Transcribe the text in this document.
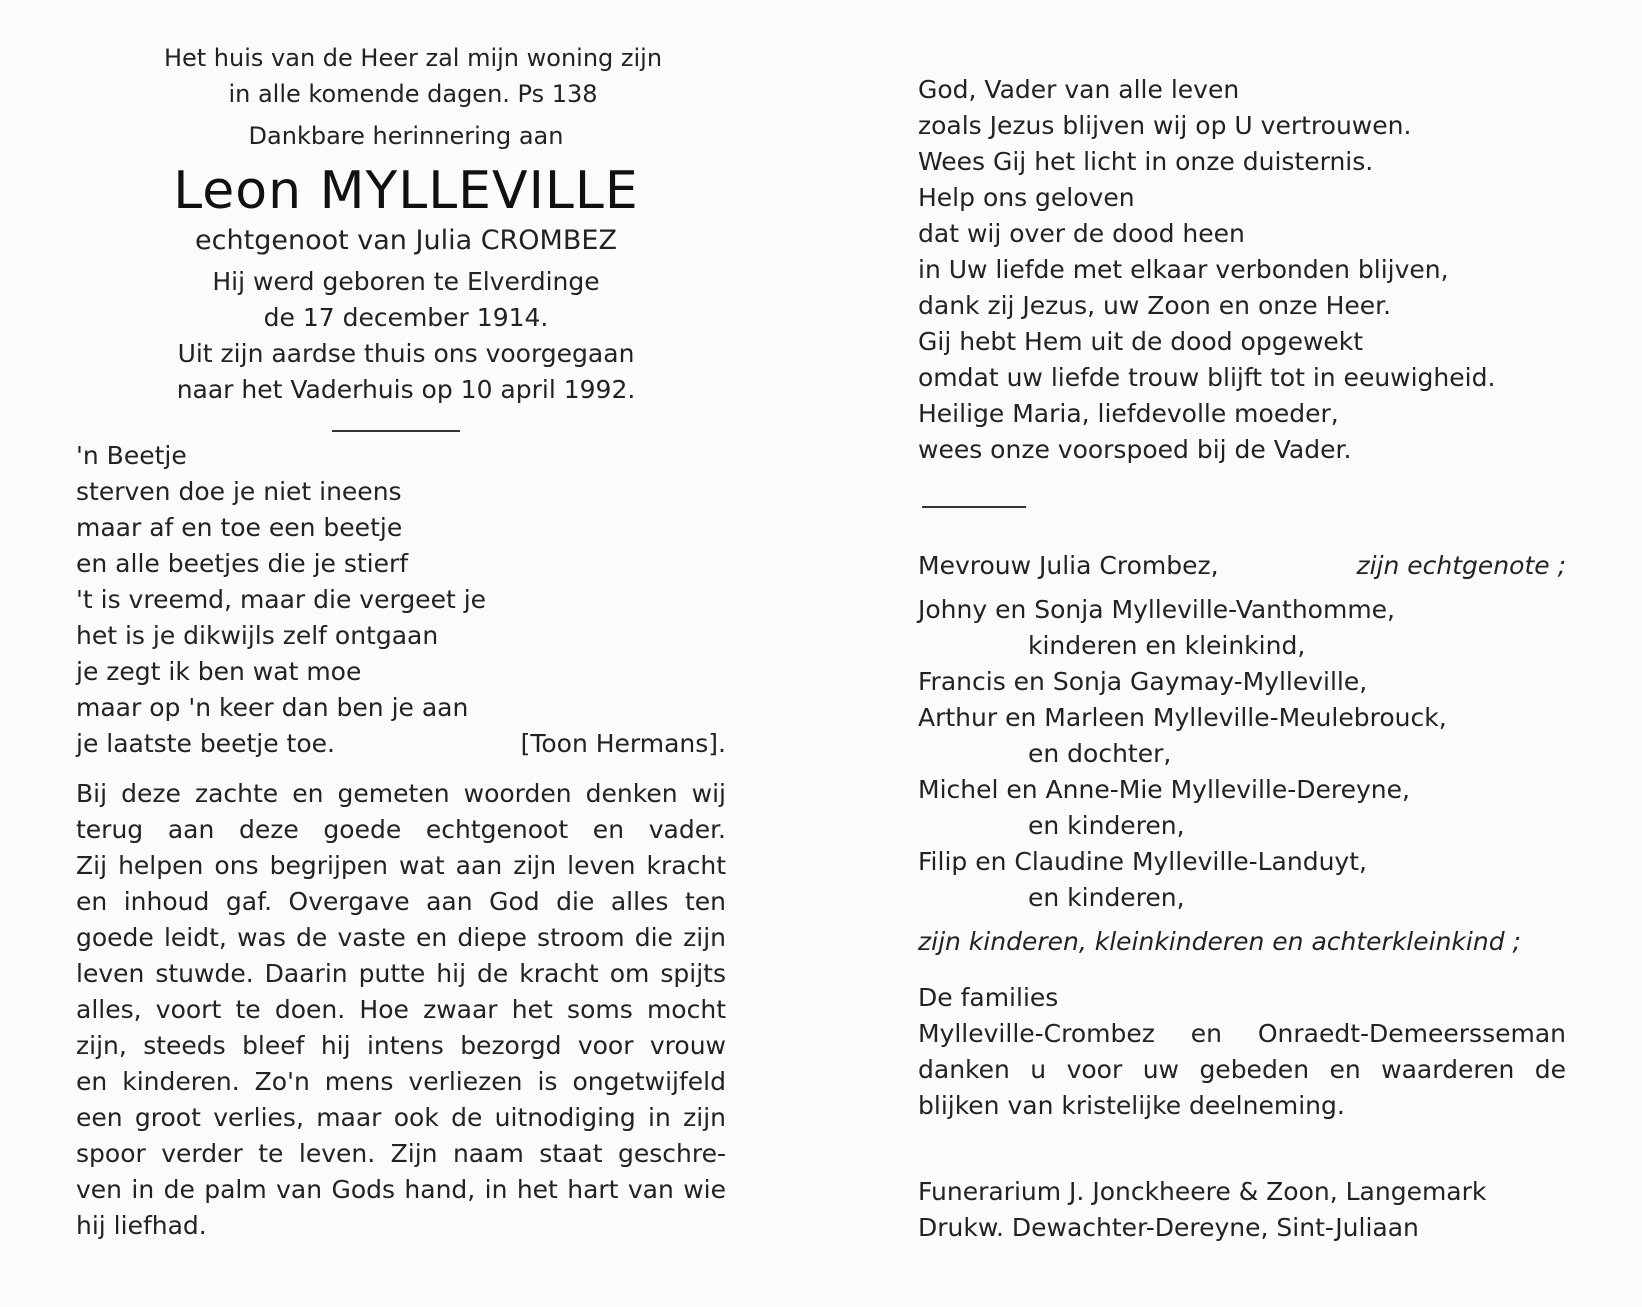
Het huis van de Heer zal mijn woning zijn
in alle komende dagen. Ps 138
Dankbare herinnering aan
Leon MYLLEVILLE
echtgenoot van Julia CROMBEZ
Hij werd geboren te Elverdinge
de 17 december 1914.
Uit zijn aardse thuis ons voorgegaan
naar het Vaderhuis op 10 april 1992.
'n Beetje
sterven doe je niet ineens
maar af en toe een beetje
en alle beetjes die je stierf
't is vreemd, maar die vergeet je
het is je dikwijls zelf ontgaan
je zegt ik ben wat moe
maar op 'n keer dan ben je aan
je laatste beetje toe.	[Toon Hermans].
Bij deze zachte en gemeten woorden denken wij
terug aan deze goede echtgenoot en vader.
Zij helpen ons begrijpen wat aan zijn leven kracht
en inhoud gaf. Overgave aan God die alles ten
goede leidt, was de vaste en diepe stroom die zijn
leven stuwde. Daarin putte hij de kracht om spijts
alles, voort te doen. Hoe zwaar het soms mocht
zijn, steeds bleef hij intens bezorgd voor vrouw
en kinderen. Zo'n mens verliezen is ongetwijfeld
een groot verlies, maar ook de uitnodiging in zijn
spoor verder te leven. Zijn naam staat geschre-
ven in de palm van Gods hand, in het hart van wie
hij liefhad.
God, Vader van alle leven
zoals Jezus blijven wij op U vertrouwen.
Wees Gij het licht in onze duisternis.
Help ons geloven
dat wij over de dood heen
in Uw liefde met elkaar verbonden blijven,
dank zij Jezus, uw Zoon en onze Heer.
Gij hebt Hem uit de dood opgewekt
omdat uw liefde trouw blijft tot in eeuwigheid.
Heilige Maria, liefdevolle moeder,
wees onze voorspoed bij de Vader.
Mevrouw Julia Crombez,	zijn echtgenote ;
Johny en Sonja Mylleville-Vanthomme,
kinderen en kleinkind,
Francis en Sonja Gaymay-Mylleville,
Arthur en Marleen Mylleville-Meulebrouck,
en dochter,
Michel en Anne-Mie Mylleville-Dereyne,
en kinderen,
Filip en Claudine Mylleville-Landuyt,
en kinderen,
zijn kinderen, kleinkinderen en achterkleinkind ;
De families
Mylleville-Crombez en Onraedt-Demeersseman
danken u voor uw gebeden en waarderen de
blijken van kristelijke deelneming.
Funerarium J. Jonckheere & Zoon, Langemark
Drukw. Dewachter-Dereyne, Sint-Juliaan
